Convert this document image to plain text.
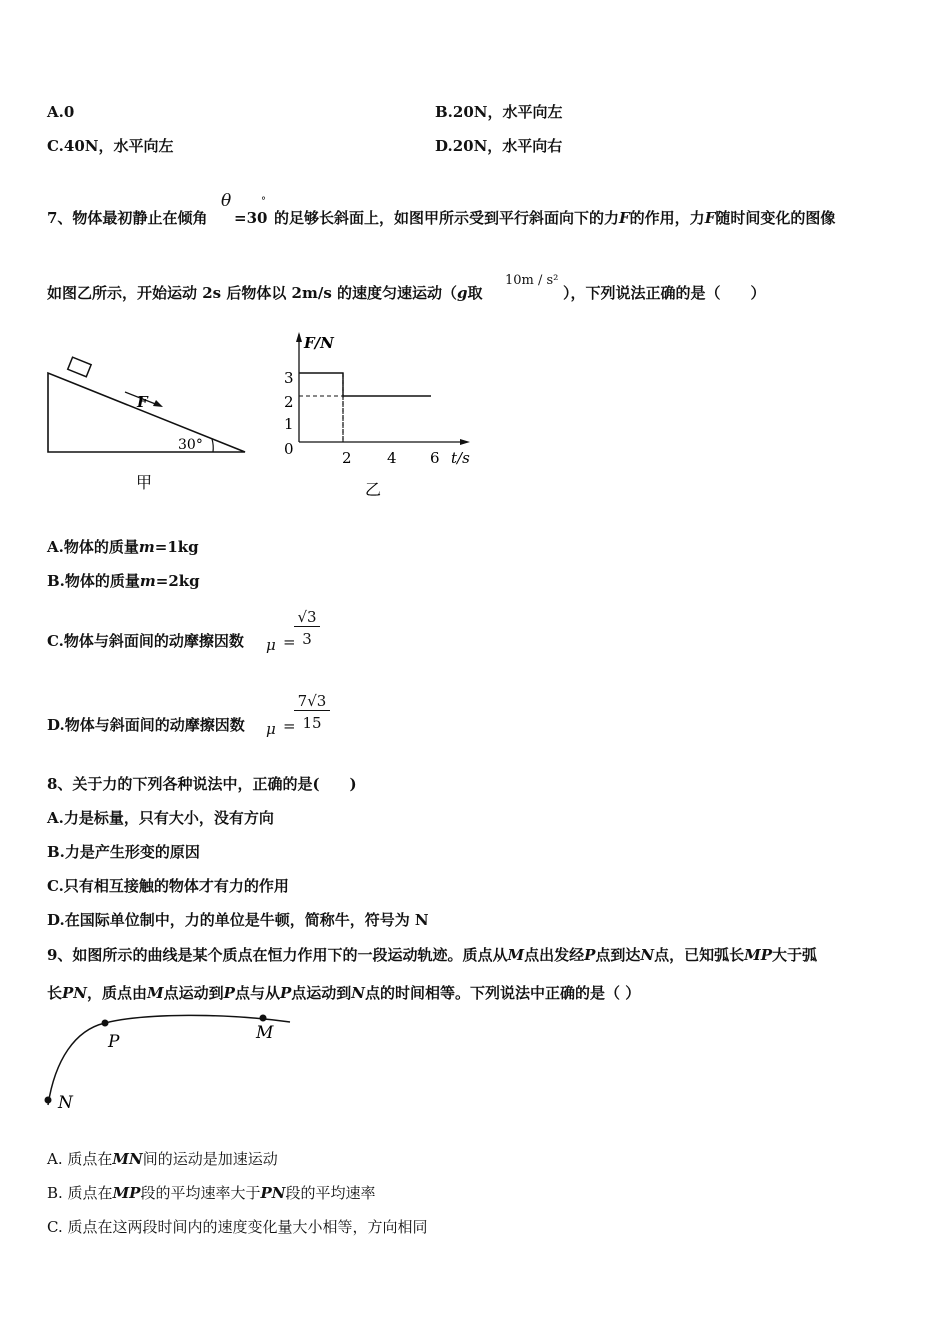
A.0	B.20N，水平向左
C.40N，水平向左	D.20N，水平向右
7、物体最初静止在倾角
θ
=30
°
的足够长斜面上，如图甲所示受到平行斜面向下的力F的作用，力F随时间变化的图像
如图乙所示，开始运动 2s 后物体以 2m/s 的速度匀速运动（g取
10m / s²
），下列说法正确的是（　　）
F
30°
甲
F/N
t/s
3
2
1
0	2 4 6
乙
A.物体的质量m=1kg
B.物体的质量m=2kg
C.物体与斜面间的动摩擦因数 μ =
√3
3
D.物体与斜面间的动摩擦因数 μ =
7√3
15
8、关于力的下列各种说法中，正确的是(　　)
A.力是标量，只有大小，没有方向
B.力是产生形变的原因
C.只有相互接触的物体才有力的作用
D.在国际单位制中，力的单位是牛顿，简称牛，符号为 N
9、如图所示的曲线是某个质点在恒力作用下的一段运动轨迹。质点从M点出发经P点到达N点，已知弧长MP大于弧
长PN，质点由M点运动到P点与从P点运动到N点的时间相等。下列说法中正确的是（ ）
P	M
N
A. 质点在MN间的运动是加速运动
B. 质点在MP段的平均速率大于PN段的平均速率
C. 质点在这两段时间内的速度变化量大小相等，方向相同
